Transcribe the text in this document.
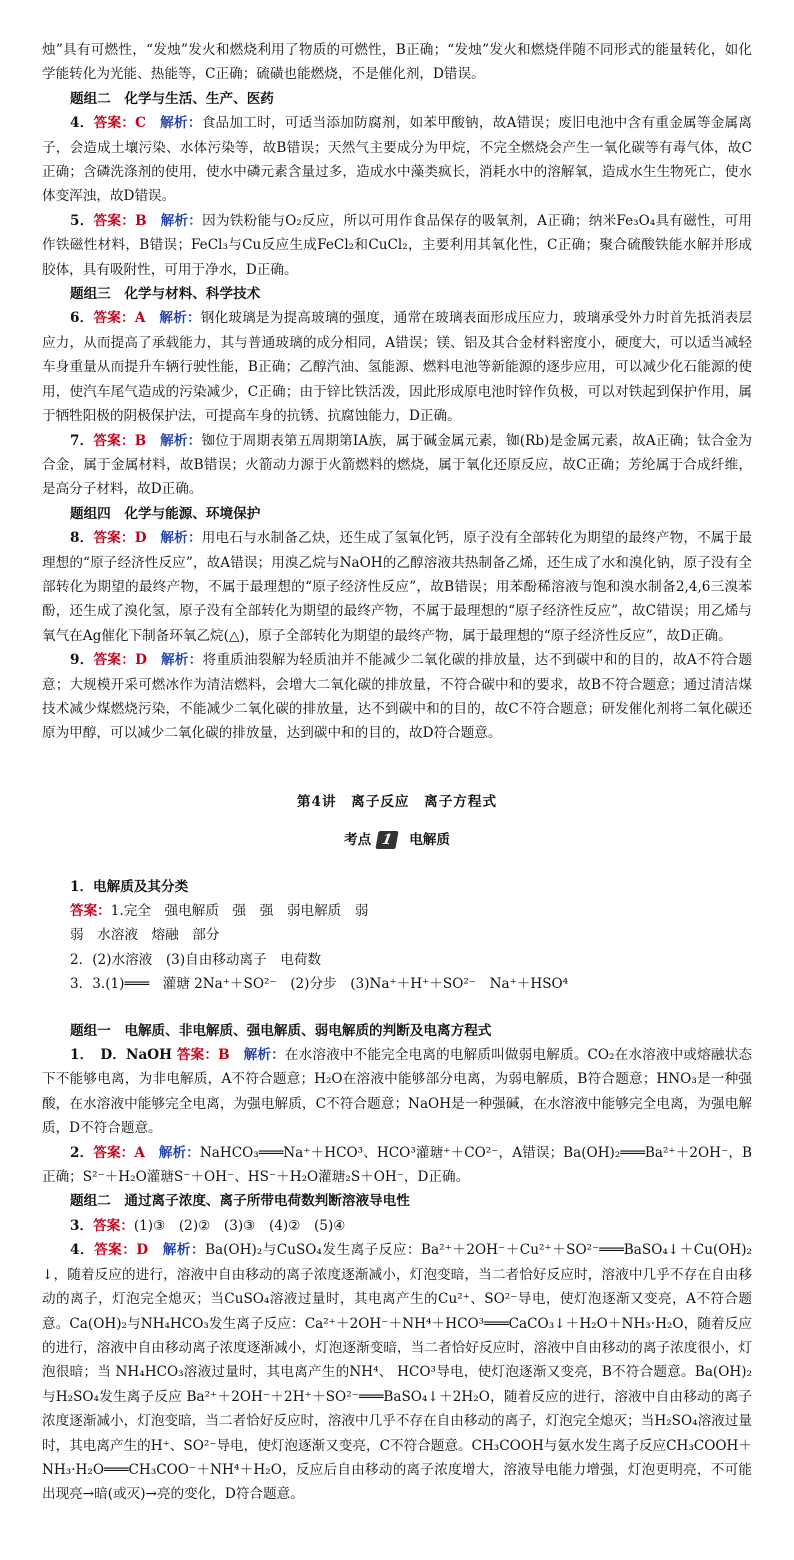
烛”具有可燃性，“发烛”发火和燃烧利用了物质的可燃性，B正确；“发烛”发火和燃烧伴随不同形式的能量转化，如化学能转化为光能、热能等，C正确；硫磺也能燃烧，不是催化剂，D错误。

题组二　化学与生活、生产、医药

4．答案：C　 解析：食品加工时，可适当添加防腐剂，如苯甲酸钠，故A错误；废旧电池中含有重金属等金属离子，会造成土壤污染、水体污染等，故B错误；天然气主要成分为甲烷，不完全燃烧会产生一氧化碳等有毒气体，故C正确；含磷洗涤剂的使用，使水中磷元素含量过多，造成水中藻类疯长，消耗水中的溶解氧，造成水生生物死亡，使水体变浑浊，故D错误。

5．答案：B　 解析：因为铁粉能与O₂反应，所以可用作食品保存的吸氧剂，A正确；纳米Fe₃O₄具有磁性，可用作铁磁性材料，B错误；FeCl₃与Cu反应生成FeCl₂和CuCl₂，主要利用其氧化性，C正确；聚合硫酸铁能水解并形成胶体，具有吸附性，可用于净水，D正确。

题组三　化学与材料、科学技术

6．答案：A　 解析：钢化玻璃是为提高玻璃的强度，通常在玻璃表面形成压应力，玻璃承受外力时首先抵消表层应力，从而提高了承载能力，其与普通玻璃的成分相同，A错误；镁、铝及其合金材料密度小，硬度大，可以适当减轻车身重量从而提升车辆行驶性能，B正确；乙醇汽油、氢能源、燃料电池等新能源的逐步应用，可以减少化石能源的使用，使汽车尾气造成的污染减少，C正确；由于锌比铁活泼，因此形成原电池时锌作负极，可以对铁起到保护作用，属于牺牲阳极的阴极保护法，可提高车身的抗锈、抗腐蚀能力，D正确。

7．答案：B　 解析：铷位于周期表第五周期第ⅠA族，属于碱金属元素，铷(Rb)是金属元素，故A正确；钛合金为合金，属于金属材料，故B错误；火箭动力源于火箭燃料的燃烧，属于氧化还原反应，故C正确；芳纶属于合成纤维，是高分子材料，故D正确。

题组四　化学与能源、环境保护

8．答案：D　 解析：用电石与水制备乙炔，还生成了氢氧化钙，原子没有全部转化为期望的最终产物，不属于最理想的“原子经济性反应”，故A错误；用溴乙烷与NaOH的乙醇溶液共热制备乙烯，还生成了水和溴化钠，原子没有全部转化为期望的最终产物，不属于最理想的“原子经济性反应”，故B错误；用苯酚稀溶液与饱和溴水制备2,4,6三溴苯酚，还生成了溴化氢，原子没有全部转化为期望的最终产物，不属于最理想的“原子经济性反应”，故C错误；用乙烯与氧气在Ag催化下制备环氧乙烷(△)，原子全部转化为期望的最终产物，属于最理想的“原子经济性反应”，故D正确。

9．答案：D　 解析：将重质油裂解为轻质油并不能减少二氧化碳的排放量，达不到碳中和的目的，故A不符合题意；大规模开采可燃冰作为清洁燃料，会增大二氧化碳的排放量，不符合碳中和的要求，故B不符合题意；通过清洁煤技术减少煤燃烧污染，不能减少二氧化碳的排放量，达不到碳中和的目的，故C不符合题意；研发催化剂将二氧化碳还原为甲醇，可以减少二氧化碳的排放量，达到碳中和的目的，故D符合题意。

第4讲　离子反应　离子方程式

考点 1	电解质

1．电解质及其分类

答案：1.完全　强电解质　强　强　弱电解质　弱

弱　水溶液　熔融　部分

2．(2)水溶液　(3)自由移动离子　电荷数

3．3.(1)═══　灌瑭 2Na⁺＋SO²⁻　(2)分步　(3)Na⁺＋H⁺＋SO²⁻　Na⁺＋HSO⁴

题组一　电解质、非电解质、强电解质、弱电解质的判断及电离方程式

1．　D．NaOH 答案：B　 解析：在水溶液中不能完全电离的电解质叫做弱电解质。CO₂在水溶液中或熔融状态下不能够电离，为非电解质，A不符合题意；H₂O在溶液中能够部分电离，为弱电解质，B符合题意；HNO₃是一种强酸，在水溶液中能够完全电离，为强电解质，C不符合题意；NaOH是一种强碱，在水溶液中能够完全电离，为强电解质，D不符合题意。

2．答案：A　 解析：NaHCO₃═══Na⁺＋HCO³、HCO³灌瑭⁺＋CO²⁻，A错误；Ba(OH)₂═══Ba²⁺＋2OH⁻，B正确；S²⁻＋H₂O灌瑭S⁻＋OH⁻、HS⁻＋H₂O灌瑭₂S＋OH⁻，D正确。

题组二　通过离子浓度、离子所带电荷数判断溶液导电性

3．答案：(1)③　(2)②　(3)③　(4)②　(5)④

4．答案：D　 解析：Ba(OH)₂与CuSO₄发生离子反应：Ba²⁺＋2OH⁻＋Cu²⁺＋SO²⁻═══BaSO₄↓＋Cu(OH)₂↓，随着反应的进行，溶液中自由移动的离子浓度逐渐减小，灯泡变暗，当二者恰好反应时，溶液中几乎不存在自由移动的离子，灯泡完全熄灭；当CuSO₄溶液过量时，其电离产生的Cu²⁺、SO²⁻导电，使灯泡逐渐又变亮，A不符合题意。Ca(OH)₂与NH₄HCO₃发生离子反应：Ca²⁺＋2OH⁻＋NH⁴＋HCO³═══CaCO₃↓＋H₂O＋NH₃·H₂O，随着反应的进行，溶液中自由移动离子浓度逐渐减小，灯泡逐渐变暗，当二者恰好反应时，溶液中自由移动的离子浓度很小，灯泡很暗；当 NH₄HCO₃溶液过量时，其电离产生的NH⁴、 HCO³导电，使灯泡逐渐又变亮，B不符合题意。Ba(OH)₂与H₂SO₄发生离子反应 Ba²⁺＋2OH⁻＋2H⁺＋SO²⁻═══BaSO₄↓＋2H₂O，随着反应的进行，溶液中自由移动的离子浓度逐渐减小，灯泡变暗，当二者恰好反应时，溶液中几乎不存在自由移动的离子，灯泡完全熄灭；当H₂SO₄溶液过量时，其电离产生的H⁺、SO²⁻导电，使灯泡逐渐又变亮，C不符合题意。CH₃COOH与氨水发生离子反应CH₃COOH＋NH₃·H₂O═══CH₃COO⁻＋NH⁴＋H₂O，反应后自由移动的离子浓度增大，溶液导电能力增强，灯泡更明亮，不可能出现亮→暗(或灭)→亮的变化，D符合题意。
